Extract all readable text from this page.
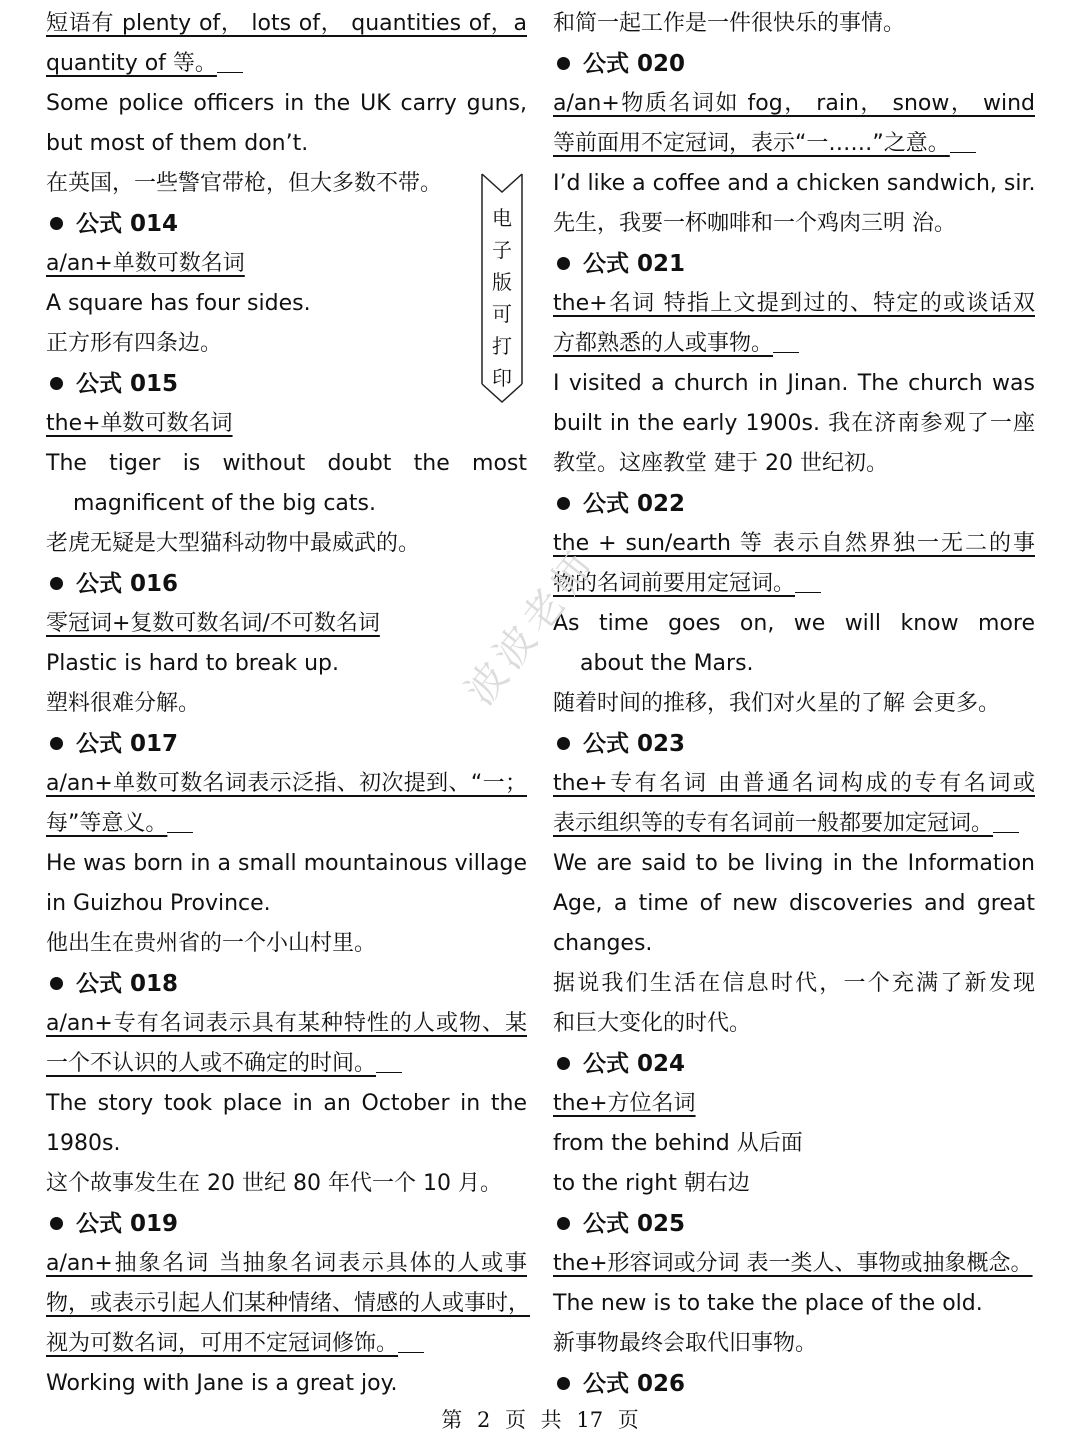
短语有 plenty of， lots of， quantities of，a
quantity of 等。
Some police officers in the UK carry guns,
but most of them don’t.
在英国，一些警官带枪，但大多数不带。
公式 014
a/an+单数可数名词
A square has four sides.
正方形有四条边。
公式 015
the+单数可数名词
The tiger is without doubt the most
magnificent of the big cats.
老虎无疑是大型猫科动物中最威武的。
公式 016
零冠词+复数可数名词/不可数名词
Plastic is hard to break up.
塑料很难分解。
公式 017
a/an+单数可数名词表示泛指、初次提到、“一；
每”等意义。
He was born in a small mountainous village
in Guizhou Province.
他出生在贵州省的一个小山村里。
公式 018
a/an+专有名词表示具有某种特性的人或物、某
一个不认识的人或不确定的时间。
The story took place in an October in the
1980s.
这个故事发生在 20 世纪 80 年代一个 10 月。
公式 019
a/an+抽象名词 当抽象名词表示具体的人或事
物，或表示引起人们某种情绪、情感的人或事时，
视为可数名词，可用不定冠词修饰。
Working with Jane is a great joy.
和简一起工作是一件很快乐的事情。
公式 020
a/an+物质名词如 fog， rain， snow， wind
等前面用不定冠词，表示“一……”之意。
I’d like a coffee and a chicken sandwich, sir.
先生，我要一杯咖啡和一个鸡肉三明 治。
公式 021
the+名词 特指上文提到过的、特定的或谈话双
方都熟悉的人或事物。
I visited a church in Jinan. The church was
built in the early 1900s. 我在济南参观了一座
教堂。这座教堂 建于 20 世纪初。
公式 022
the + sun/earth 等 表示自然界独一无二的事
物的名词前要用定冠词。
As time goes on, we will know more
about the Mars.
随着时间的推移，我们对火星的了解 会更多。
公式 023
the+专有名词 由普通名词构成的专有名词或
表示组织等的专有名词前一般都要加定冠词。
We are said to be living in the Information
Age, a time of new discoveries and great
changes.
据说我们生活在信息时代，一个充满了新发现
和巨大变化的时代。
公式 024
the+方位名词
from the behind 从后面
to the right 朝右边
公式 025
the+形容词或分词 表一类人、事物或抽象概念。
The new is to take the place of the old.
新事物最终会取代旧事物。
公式 026
电
子
版
可
打
印
波波老师
第 2 页 共 17 页
